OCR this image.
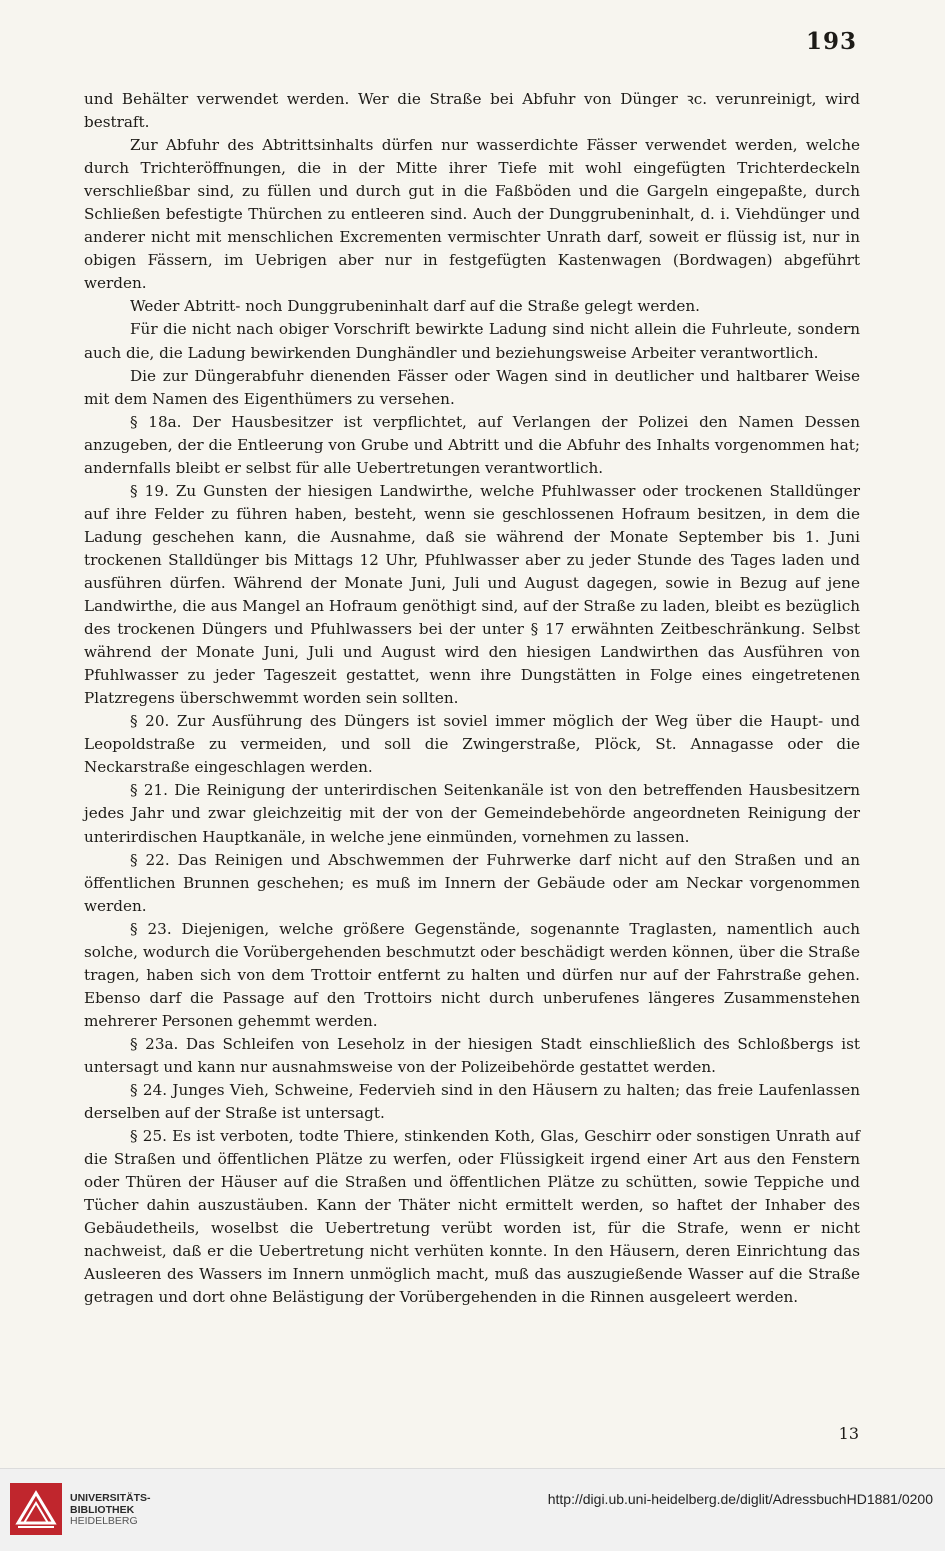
193

und Behälter verwendet werden. Wer die Straße bei Abfuhr von Dünger ꝛc. verunreinigt, wird bestraft.

Zur Abfuhr des Abtrittsinhalts dürfen nur wasserdichte Fässer verwendet werden, welche durch Trichteröffnungen, die in der Mitte ihrer Tiefe mit wohl eingefügten Trichterdeckeln verschließbar sind, zu füllen und durch gut in die Faßböden und die Gargeln eingepaßte, durch Schließen befestigte Thürchen zu entleeren sind. Auch der Dunggrubeninhalt, d. i. Viehdünger und anderer nicht mit menschlichen Excrementen vermischter Unrath darf, soweit er flüssig ist, nur in obigen Fässern, im Uebrigen aber nur in festgefügten Kastenwagen (Bordwagen) abgeführt werden.

Weder Abtritt- noch Dunggrubeninhalt darf auf die Straße gelegt werden.

Für die nicht nach obiger Vorschrift bewirkte Ladung sind nicht allein die Fuhrleute, sondern auch die, die Ladung bewirkenden Dunghändler und beziehungsweise Arbeiter verantwortlich.

Die zur Düngerabfuhr dienenden Fässer oder Wagen sind in deutlicher und haltbarer Weise mit dem Namen des Eigenthümers zu versehen.

§ 18a. Der Hausbesitzer ist verpflichtet, auf Verlangen der Polizei den Namen Dessen anzugeben, der die Entleerung von Grube und Abtritt und die Abfuhr des Inhalts vorgenommen hat; andernfalls bleibt er selbst für alle Uebertretungen verantwortlich.

§ 19. Zu Gunsten der hiesigen Landwirthe, welche Pfuhlwasser oder trockenen Stalldünger auf ihre Felder zu führen haben, besteht, wenn sie geschlossenen Hofraum besitzen, in dem die Ladung geschehen kann, die Ausnahme, daß sie während der Monate September bis 1. Juni trockenen Stalldünger bis Mittags 12 Uhr, Pfuhlwasser aber zu jeder Stunde des Tages laden und ausführen dürfen. Während der Monate Juni, Juli und August dagegen, sowie in Bezug auf jene Landwirthe, die aus Mangel an Hofraum genöthigt sind, auf der Straße zu laden, bleibt es bezüglich des trockenen Düngers und Pfuhlwassers bei der unter § 17 erwähnten Zeitbeschränkung. Selbst während der Monate Juni, Juli und August wird den hiesigen Landwirthen das Ausführen von Pfuhlwasser zu jeder Tageszeit gestattet, wenn ihre Dungstätten in Folge eines eingetretenen Platzregens überschwemmt worden sein sollten.

§ 20. Zur Ausführung des Düngers ist soviel immer möglich der Weg über die Haupt- und Leopoldstraße zu vermeiden, und soll die Zwingerstraße, Plöck, St. Annagasse oder die Neckarstraße eingeschlagen werden.

§ 21. Die Reinigung der unterirdischen Seitenkanäle ist von den betreffenden Hausbesitzern jedes Jahr und zwar gleichzeitig mit der von der Gemeindebehörde angeordneten Reinigung der unterirdischen Hauptkanäle, in welche jene einmünden, vornehmen zu lassen.

§ 22. Das Reinigen und Abschwemmen der Fuhrwerke darf nicht auf den Straßen und an öffentlichen Brunnen geschehen; es muß im Innern der Gebäude oder am Neckar vorgenommen werden.

§ 23. Diejenigen, welche größere Gegenstände, sogenannte Traglasten, namentlich auch solche, wodurch die Vorübergehenden beschmutzt oder beschädigt werden können, über die Straße tragen, haben sich von dem Trottoir entfernt zu halten und dürfen nur auf der Fahrstraße gehen. Ebenso darf die Passage auf den Trottoirs nicht durch unberufenes längeres Zusammenstehen mehrerer Personen gehemmt werden.

§ 23a. Das Schleifen von Leseholz in der hiesigen Stadt einschließlich des Schloßbergs ist untersagt und kann nur ausnahmsweise von der Polizeibehörde gestattet werden.

§ 24. Junges Vieh, Schweine, Federvieh sind in den Häusern zu halten; das freie Laufenlassen derselben auf der Straße ist untersagt.

§ 25. Es ist verboten, todte Thiere, stinkenden Koth, Glas, Geschirr oder sonstigen Unrath auf die Straßen und öffentlichen Plätze zu werfen, oder Flüssigkeit irgend einer Art aus den Fenstern oder Thüren der Häuser auf die Straßen und öffentlichen Plätze zu schütten, sowie Teppiche und Tücher dahin auszustäuben. Kann der Thäter nicht ermittelt werden, so haftet der Inhaber des Gebäudetheils, woselbst die Uebertretung verübt worden ist, für die Strafe, wenn er nicht nachweist, daß er die Uebertretung nicht verhüten konnte. In den Häusern, deren Einrichtung das Ausleeren des Wassers im Innern unmöglich macht, muß das auszugießende Wasser auf die Straße getragen und dort ohne Belästigung der Vorübergehenden in die Rinnen ausgeleert werden.

13
UNIVERSITÄTS-
BIBLIOTHEK
HEIDELBERG
http://digi.ub.uni-heidelberg.de/diglit/AdressbuchHD1881/0200
